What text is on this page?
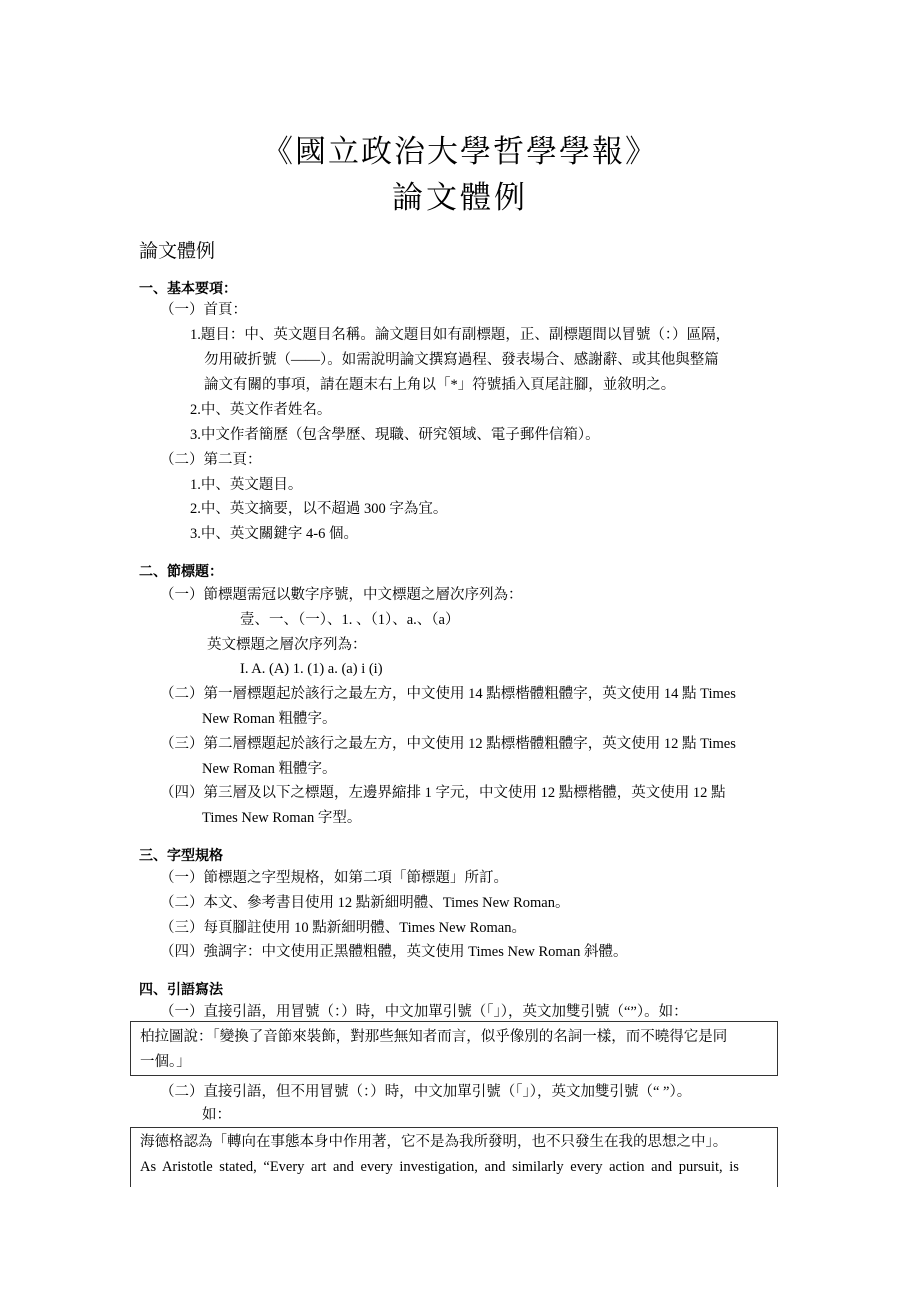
《國立政治大學哲學學報》
論文體例
論文體例
一、基本要項：
（一）首頁：
1.題目：中、英文題目名稱。論文題目如有副標題，正、副標題間以冒號（：）區隔，
勿用破折號（——）。如需說明論文撰寫過程、發表場合、感謝辭、或其他與整篇
論文有關的事項，請在題末右上角以「*」符號插入頁尾註腳，並敘明之。
2.中、英文作者姓名。
3.中文作者簡歷（包含學歷、現職、研究領域、電子郵件信箱）。
（二）第二頁：
1.中、英文題目。
2.中、英文摘要，以不超過 300 字為宜。
3.中、英文關鍵字 4-6 個。
二、節標題：
（一）節標題需冠以數字序號，中文標題之層次序列為：
壹、一、（一）、1. 、（1）、a.、（a）
英文標題之層次序列為：
I. A. (A) 1. (1) a. (a) i (i)
（二）第一層標題起於該行之最左方，中文使用 14 點標楷體粗體字，英文使用 14 點 Times
New Roman 粗體字。
（三）第二層標題起於該行之最左方，中文使用 12 點標楷體粗體字，英文使用 12 點 Times
New Roman 粗體字。
（四）第三層及以下之標題，左邊界縮排 1 字元，中文使用 12 點標楷體，英文使用 12 點
Times New Roman 字型。
三、字型規格
（一）節標題之字型規格，如第二項「節標題」所訂。
（二）本文、參考書目使用 12 點新細明體、Times New Roman。
（三）每頁腳註使用 10 點新細明體、Times New Roman。
（四）強調字：中文使用正黑體粗體，英文使用 Times New Roman 斜體。
四、引語寫法
（一）直接引語，用冒號（：）時，中文加單引號（「」），英文加雙引號（“”）。如：
柏拉圖說：「變換了音節來裝飾，對那些無知者而言，似乎像別的名詞一樣，而不曉得它是同
一個。」
（二）直接引語，但不用冒號（：）時，中文加單引號（「」），英文加雙引號（“ ”）。
如：
海德格認為「轉向在事態本身中作用著，它不是為我所發明，也不只發生在我的思想之中」。
As Aristotle stated, “Every art and every investigation, and similarly every action and pursuit, is
